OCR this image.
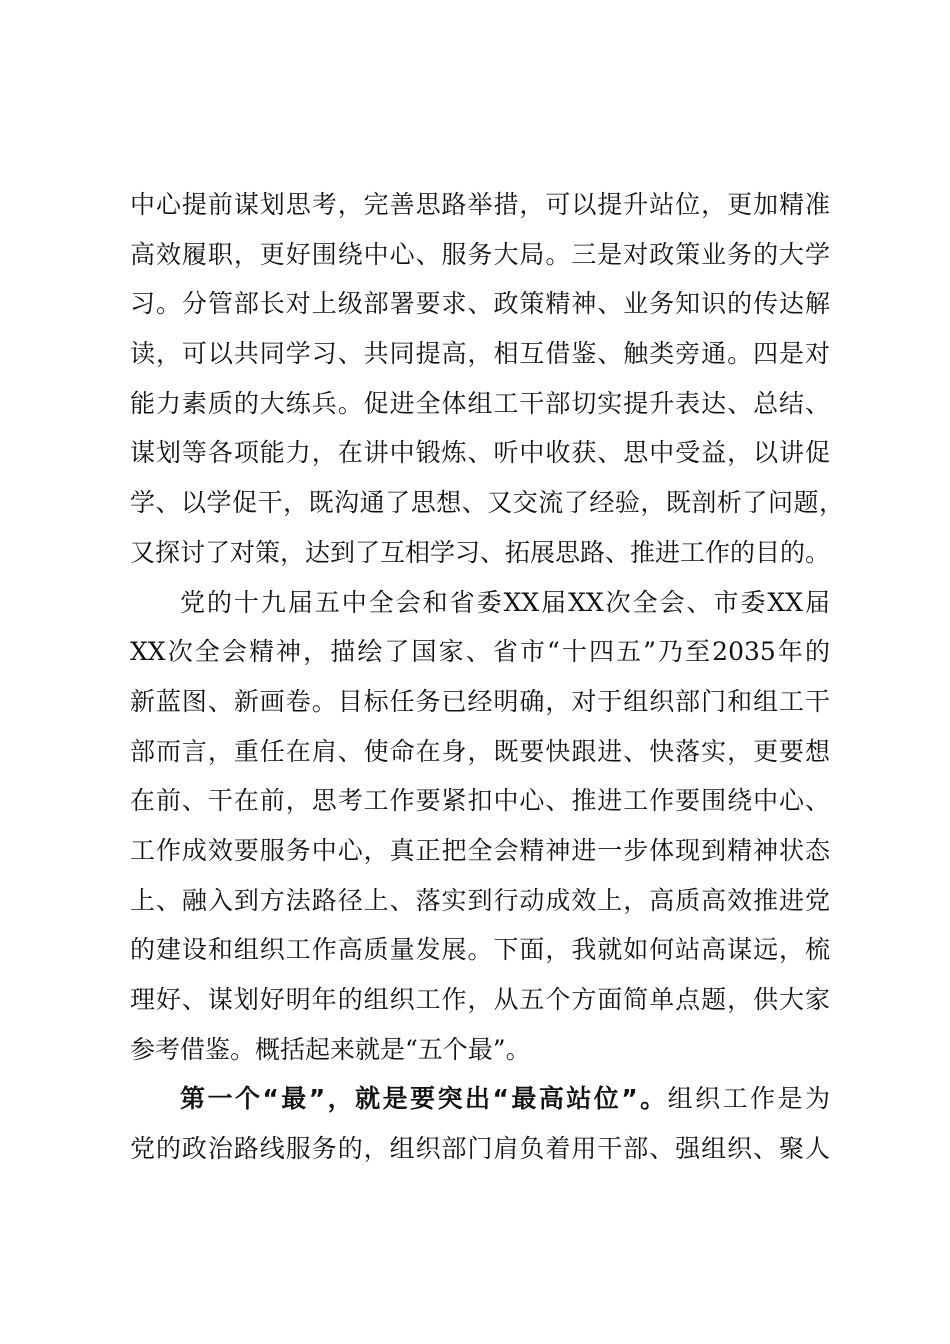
中心提前谋划思考，完善思路举措，可以提升站位，更加精准
高效履职，更好围绕中心、服务大局。三是对政策业务的大学
习。分管部长对上级部署要求、政策精神、业务知识的传达解
读，可以共同学习、共同提高，相互借鉴、触类旁通。四是对
能力素质的大练兵。促进全体组工干部切实提升表达、总结、
谋划等各项能力，在讲中锻炼、听中收获、思中受益，以讲促
学、以学促干，既沟通了思想、又交流了经验，既剖析了问题，
又探讨了对策，达到了互相学习、拓展思路、推进工作的目的。
党的十九届五中全会和省委XX届XX次全会、市委XX届
XX次全会精神，描绘了国家、省市“十四五”乃至2035年的
新蓝图、新画卷。目标任务已经明确，对于组织部门和组工干
部而言，重任在肩、使命在身，既要快跟进、快落实，更要想
在前、干在前，思考工作要紧扣中心、推进工作要围绕中心、
工作成效要服务中心，真正把全会精神进一步体现到精神状态
上、融入到方法路径上、落实到行动成效上，高质高效推进党
的建设和组织工作高质量发展。下面，我就如何站高谋远，梳
理好、谋划好明年的组织工作，从五个方面简单点题，供大家
参考借鉴。概括起来就是“五个最”。
第一个“最”，就是要突出“最高站位”。组织工作是为
党的政治路线服务的，组织部门肩负着用干部、强组织、聚人
